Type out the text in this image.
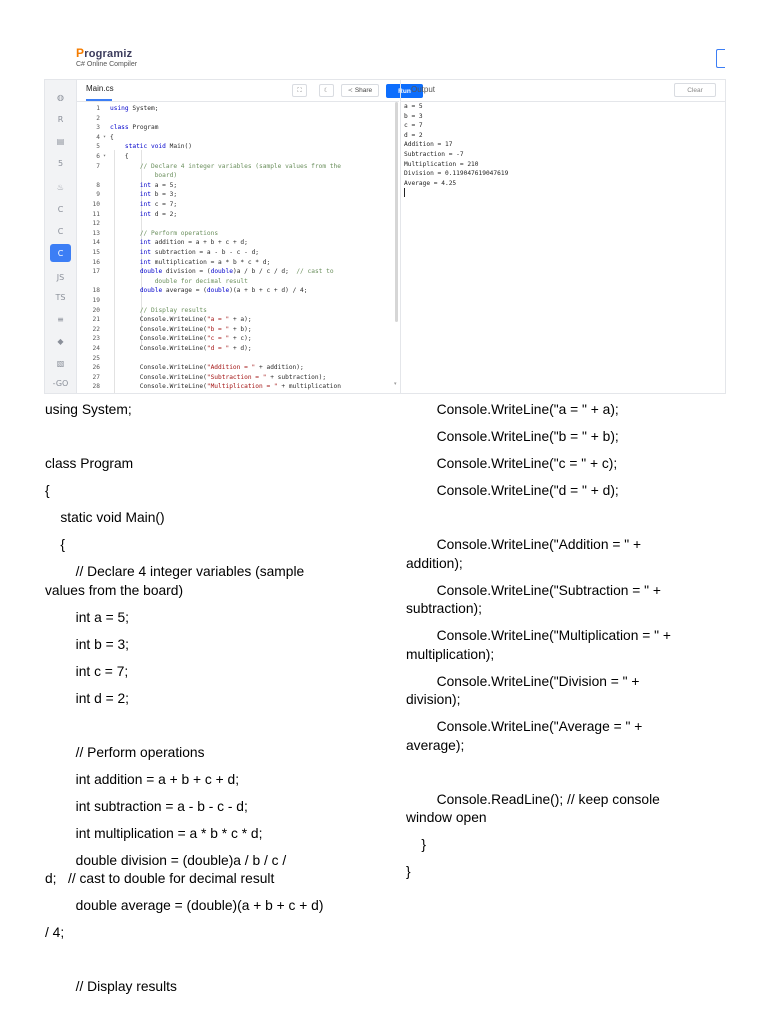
Programiz
C# Online Compiler
◍
R
▤
5
♨
C
C
C
JS
TS
≡
◆
▧
-GO
Main.cs	⛶	☾	≺ Share	Run
1 using System;
2
3 class Program
4 ▾ {
5	static void Main()
6 ▾ {
7	// Declare 4 integer variables (sample values from the
board)
8	int a = 5;
9	int b = 3;
10	int c = 7;
11	int d = 2;
12
13	// Perform operations
14	int addition = a + b + c + d;
15	int subtraction = a - b - c - d;
16	int multiplication = a * b * c * d;
17	double division = (double)a / b / c / d;  // cast to
double for decimal result
18	double average = (double)(a + b + c + d) / 4;
19
20	// Display results
21 Console.WriteLine("a = " + a);
22 Console.WriteLine("b = " + b);
23 Console.WriteLine("c = " + c);
24 Console.WriteLine("d = " + d);
25
26 Console.WriteLine("Addition = " + addition);
27 Console.WriteLine("Subtraction = " + subtraction);
28 Console.WriteLine("Multiplication = " + multiplication	▾
Output	Clear
a = 5
b = 3
c = 7
d = 2
Addition = 17
Subtraction = -7
Multiplication = 210
Division = 0.119047619047619
Average = 4.25
using System;
class Program
{
static void Main()
{
// Declare 4 integer variables (sample
values from the board)
int a = 5;
int b = 3;
int c = 7;
int d = 2;
// Perform operations
int addition = a + b + c + d;
int subtraction = a - b - c - d;
int multiplication = a * b * c * d;
double division = (double)a / b / c /
d;   // cast to double for decimal result
double average = (double)(a + b + c + d)
/ 4;
// Display results
Console.WriteLine("a = " + a);
Console.WriteLine("b = " + b);
Console.WriteLine("c = " + c);
Console.WriteLine("d = " + d);
Console.WriteLine("Addition = " +
addition);
Console.WriteLine("Subtraction = " +
subtraction);
Console.WriteLine("Multiplication = " +
multiplication);
Console.WriteLine("Division = " +
division);
Console.WriteLine("Average = " +
average);
Console.ReadLine(); // keep console
window open
}
}
